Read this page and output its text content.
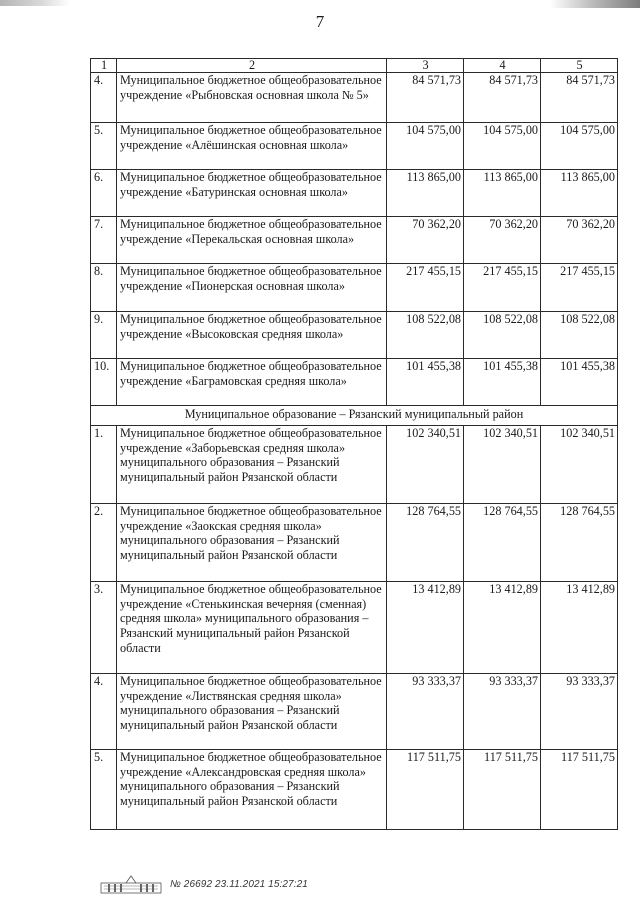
7
1	2	3	4	5
4.	Муниципальное бюджетное общеобразовательное учреждение «Рыбновская основная школа № 5»	84 571,73	84 571,73	84 571,73
5.	Муниципальное бюджетное общеобразовательное учреждение «Алёшинская основная школа»	104 575,00	104 575,00	104 575,00
6.	Муниципальное бюджетное общеобразовательное учреждение «Батуринская основная школа»	113 865,00	113 865,00	113 865,00
7.	Муниципальное бюджетное общеобразовательное учреждение «Перекальская основная школа»	70 362,20	70 362,20	70 362,20
8.	Муниципальное бюджетное общеобразовательное учреждение «Пионерская основная школа»	217 455,15	217 455,15	217 455,15
9.	Муниципальное бюджетное общеобразовательное учреждение «Высоковская средняя школа»	108 522,08	108 522,08	108 522,08
10.	Муниципальное бюджетное общеобразовательное учреждение «Баграмовская средняя школа»	101 455,38	101 455,38	101 455,38
Муниципальное образование – Рязанский муниципальный район				
1.	Муниципальное бюджетное общеобразовательное учреждение «Заборьевская средняя школа» муниципального образования – Рязанский муниципальный район Рязанской области	102 340,51	102 340,51	102 340,51
2.	Муниципальное бюджетное общеобразовательное учреждение «Заокская средняя школа» муниципального образования – Рязанский муниципальный район Рязанской области	128 764,55	128 764,55	128 764,55
3.	Муниципальное бюджетное общеобразовательное учреждение «Стенькинская вечерняя (сменная) средняя школа» муниципального образования – Рязанский муниципальный район Рязанской области	13 412,89	13 412,89	13 412,89
4.	Муниципальное бюджетное общеобразовательное учреждение «Листвянская средняя школа» муниципального образования – Рязанский муниципальный район Рязанской области	93 333,37	93 333,37	93 333,37
5.	Муниципальное бюджетное общеобразовательное учреждение «Александровская средняя школа» муниципального образования – Рязанский муниципальный район Рязанской области	117 511,75	117 511,75	117 511,75
№ 26692 23.11.2021 15:27:21
